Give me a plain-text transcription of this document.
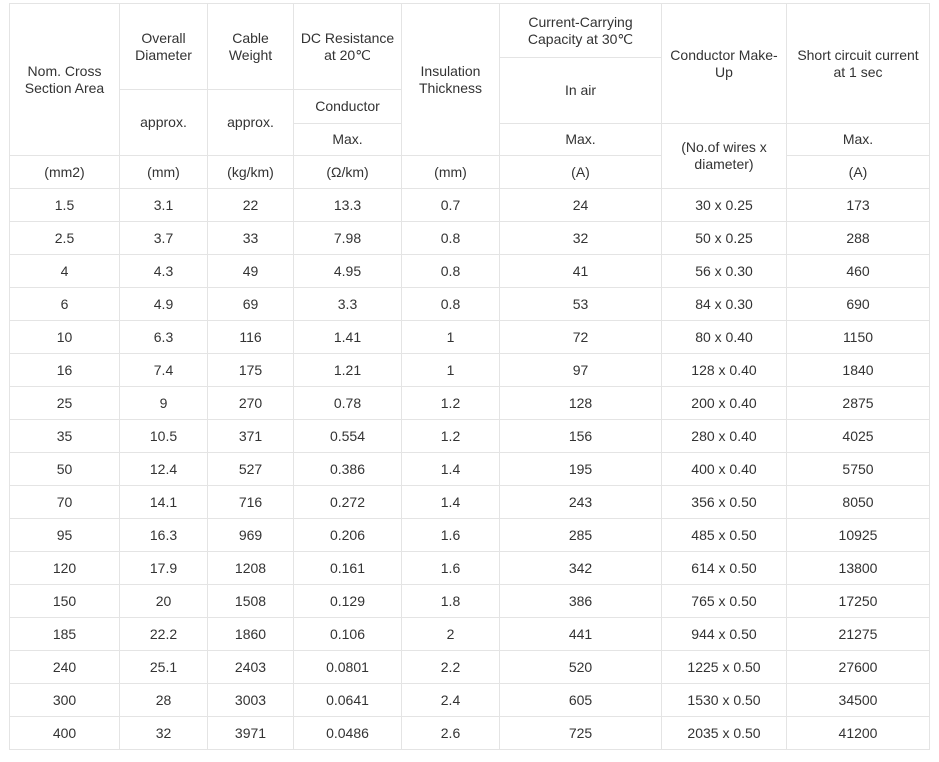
Nom. Cross Section Area	Overall Diameter	Cable Weight	DC Resistance at 20℃	Insulation Thickness	Current-Carrying Capacity at 30℃	Conductor Make-Up	Short circuit current at 1 sec
					In air		
	approx.	approx.	Conductor				
			Max.		Max.	(No.of wires x diameter)	Max.
(mm2)	(mm)	(kg/km)	(Ω/km)	(mm)	(A)		(A)
1.5	3.1	22	13.3	0.7	24	30 x 0.25	173
2.5	3.7	33	7.98	0.8	32	50 x 0.25	288
4	4.3	49	4.95	0.8	41	56 x 0.30	460
6	4.9	69	3.3	0.8	53	84 x 0.30	690
10	6.3	116	1.41	1	72	80 x 0.40	1150
16	7.4	175	1.21	1	97	128 x 0.40	1840
25	9	270	0.78	1.2	128	200 x 0.40	2875
35	10.5	371	0.554	1.2	156	280 x 0.40	4025
50	12.4	527	0.386	1.4	195	400 x 0.40	5750
70	14.1	716	0.272	1.4	243	356 x 0.50	8050
95	16.3	969	0.206	1.6	285	485 x 0.50	10925
120	17.9	1208	0.161	1.6	342	614 x 0.50	13800
150	20	1508	0.129	1.8	386	765 x 0.50	17250
185	22.2	1860	0.106	2	441	944 x 0.50	21275
240	25.1	2403	0.0801	2.2	520	1225 x 0.50	27600
300	28	3003	0.0641	2.4	605	1530 x 0.50	34500
400	32	3971	0.0486	2.6	725	2035 x 0.50	41200
